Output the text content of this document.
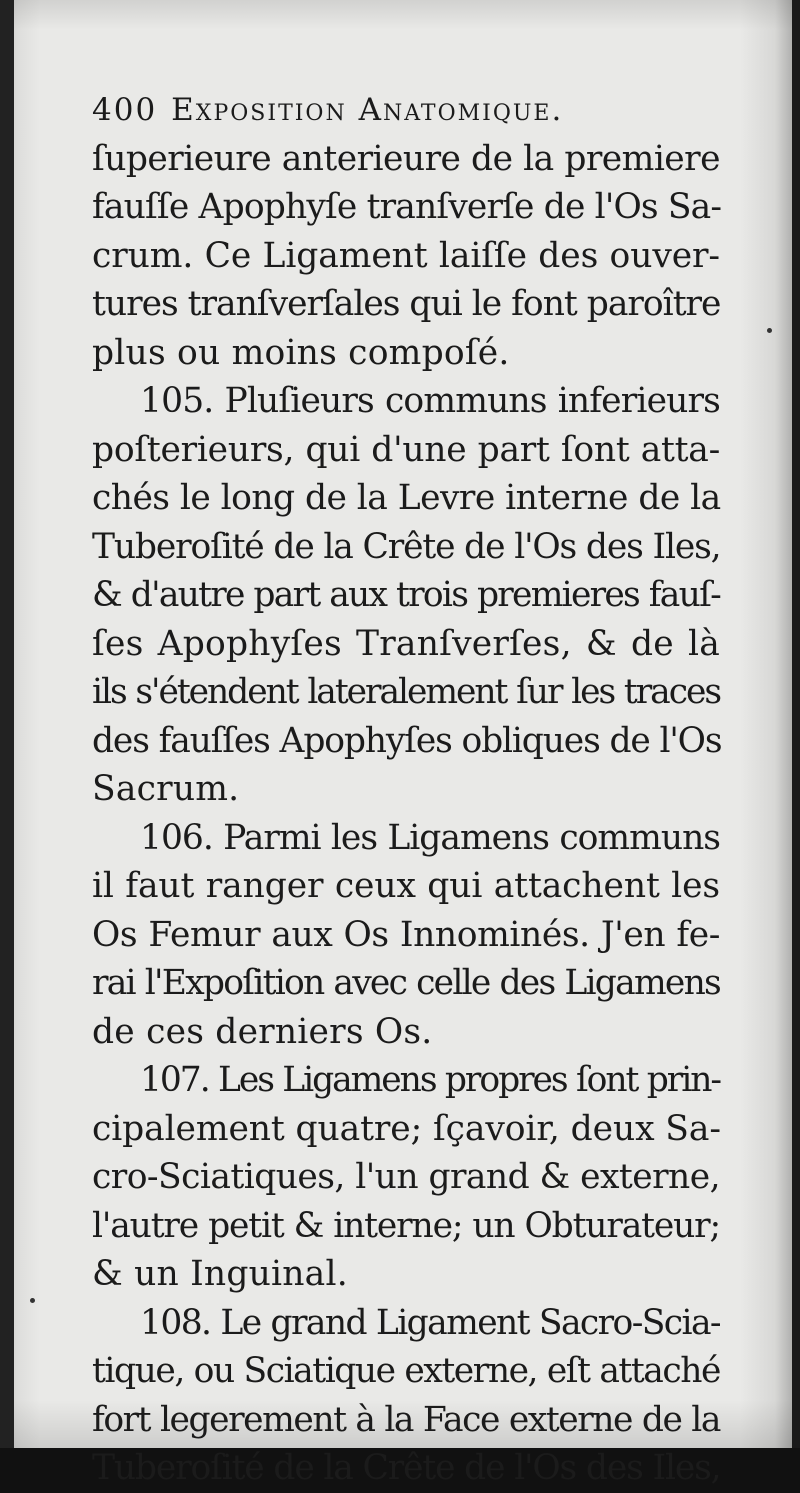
400 Exposition Anatomique.
ſuperieure anterieure de la premiere
fauſſe Apophyſe tranſverſe de l'Os Sa-
crum. Ce Ligament laiſſe des ouver-
tures tranſverſales qui le font paroître
plus ou moins compoſé.
105. Pluſieurs communs inferieurs
poſterieurs, qui d'une part ſont atta-
chés le long de la Levre interne de la
Tuberoſité de la Crête de l'Os des Iles,
& d'autre part aux trois premieres fauſ-
ſes Apophyſes Tranſverſes, & de là
ils s'étendent lateralement ſur les traces
des fauſſes Apophyſes obliques de l'Os
Sacrum.
106. Parmi les Ligamens communs
il faut ranger ceux qui attachent les
Os Femur aux Os Innominés. J'en fe-
rai l'Expoſition avec celle des Ligamens
de ces derniers Os.
107. Les Ligamens propres ſont prin-
cipalement quatre; ſçavoir, deux Sa-
cro-Sciatiques, l'un grand & externe,
l'autre petit & interne; un Obturateur;
& un Inguinal.
108. Le grand Ligament Sacro-Scia-
tique, ou Sciatique externe, eſt attaché
fort legerement à la Face externe de la
Tuberoſité de la Crête de l'Os des Iles,
